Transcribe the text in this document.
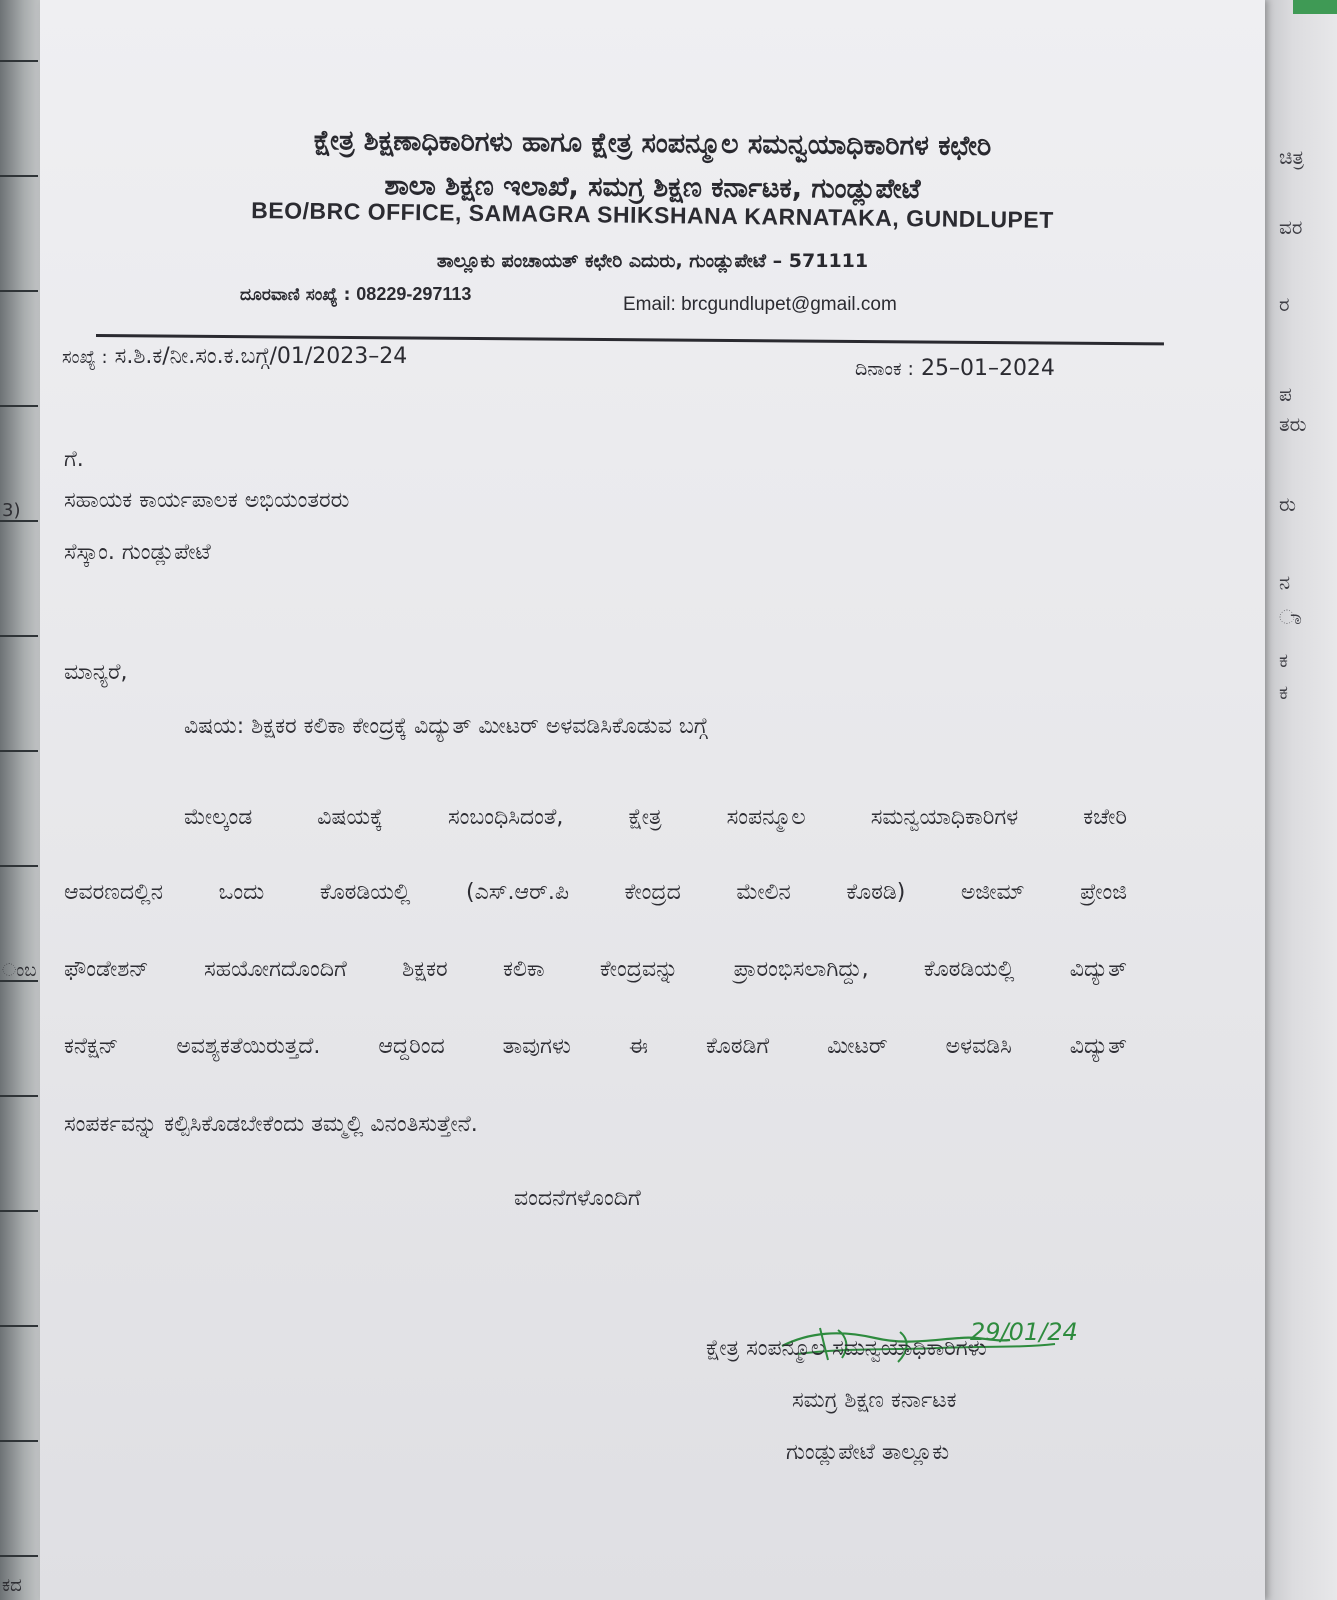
3)
ಂಬ
ಕದ
ಚಿತ್ರ
ವರ
ರ
ಪ
ತರು
ರು
ನ
ಾ
ಕ
ಕ
ಕ್ಷೇತ್ರ ಶಿಕ್ಷಣಾಧಿಕಾರಿಗಳು ಹಾಗೂ ಕ್ಷೇತ್ರ ಸಂಪನ್ಮೂಲ ಸಮನ್ವಯಾಧಿಕಾರಿಗಳ ಕಛೇರಿ
ಶಾಲಾ ಶಿಕ್ಷಣ ಇಲಾಖೆ, ಸಮಗ್ರ ಶಿಕ್ಷಣ ಕರ್ನಾಟಕ, ಗುಂಡ್ಲುಪೇಟೆ
BEO/BRC OFFICE, SAMAGRA SHIKSHANA KARNATAKA, GUNDLUPET
ತಾಲ್ಲೂಕು ಪಂಚಾಯತ್ ಕಛೇರಿ ಎದುರು, ಗುಂಡ್ಲುಪೇಟೆ – 571111
ದೂರವಾಣಿ ಸಂಖ್ಯೆ : 08229-297113	Email: brcgundlupet@gmail.com
ಸಂಖ್ಯೆ : ಸ.ಶಿ.ಕ/ನೀ.ಸಂ.ಕ.ಬಗ್ಗೆ/01/2023–24	ದಿನಾಂಕ : 25–01–2024
ಗೆ.
ಸಹಾಯಕ ಕಾರ್ಯಪಾಲಕ ಅಭಿಯಂತರರು
ಸೆಸ್ಕಾಂ. ಗುಂಡ್ಲುಪೇಟೆ
ಮಾನ್ಯರೆ,
ವಿಷಯ: ಶಿಕ್ಷಕರ ಕಲಿಕಾ ಕೇಂದ್ರಕ್ಕೆ ವಿದ್ಯುತ್ ಮೀಟರ್ ಅಳವಡಿಸಿಕೊಡುವ ಬಗ್ಗೆ
ಮೇಲ್ಕಂಡ ವಿಷಯಕ್ಕೆ ಸಂಬಂಧಿಸಿದಂತೆ, ಕ್ಷೇತ್ರ ಸಂಪನ್ಮೂಲ ಸಮನ್ವಯಾಧಿಕಾರಿಗಳ ಕಚೇರಿ
ಆವರಣದಲ್ಲಿನ ಒಂದು ಕೊಠಡಿಯಲ್ಲಿ (ಎಸ್.ಆರ್.ಪಿ ಕೇಂದ್ರದ ಮೇಲಿನ ಕೊಠಡಿ) ಅಜೀಮ್ ಪ್ರೇಂಜಿ
ಫೌಂಡೇಶನ್ ಸಹಯೋಗದೊಂದಿಗೆ ಶಿಕ್ಷಕರ ಕಲಿಕಾ ಕೇಂದ್ರವನ್ನು ಪ್ರಾರಂಭಿಸಲಾಗಿದ್ದು, ಕೊಠಡಿಯಲ್ಲಿ ವಿದ್ಯುತ್
ಕನೆಕ್ಷನ್ ಅವಶ್ಯಕತೆಯಿರುತ್ತದೆ. ಆದ್ದರಿಂದ ತಾವುಗಳು ಈ ಕೊಠಡಿಗೆ ಮೀಟರ್ ಅಳವಡಿಸಿ ವಿದ್ಯುತ್
ಸಂಪರ್ಕವನ್ನು ಕಲ್ಪಿಸಿಕೊಡಬೇಕೆಂದು ತಮ್ಮಲ್ಲಿ ವಿನಂತಿಸುತ್ತೇನೆ.
ವಂದನೆಗಳೊಂದಿಗೆ
29/01/24
ಕ್ಷೇತ್ರ ಸಂಪನ್ಮೂಲ ಸಮನ್ವಯಾಧಿಕಾರಿಗಳು
ಸಮಗ್ರ ಶಿಕ್ಷಣ ಕರ್ನಾಟಕ
ಗುಂಡ್ಲುಪೇಟೆ ತಾಲ್ಲೂಕು
